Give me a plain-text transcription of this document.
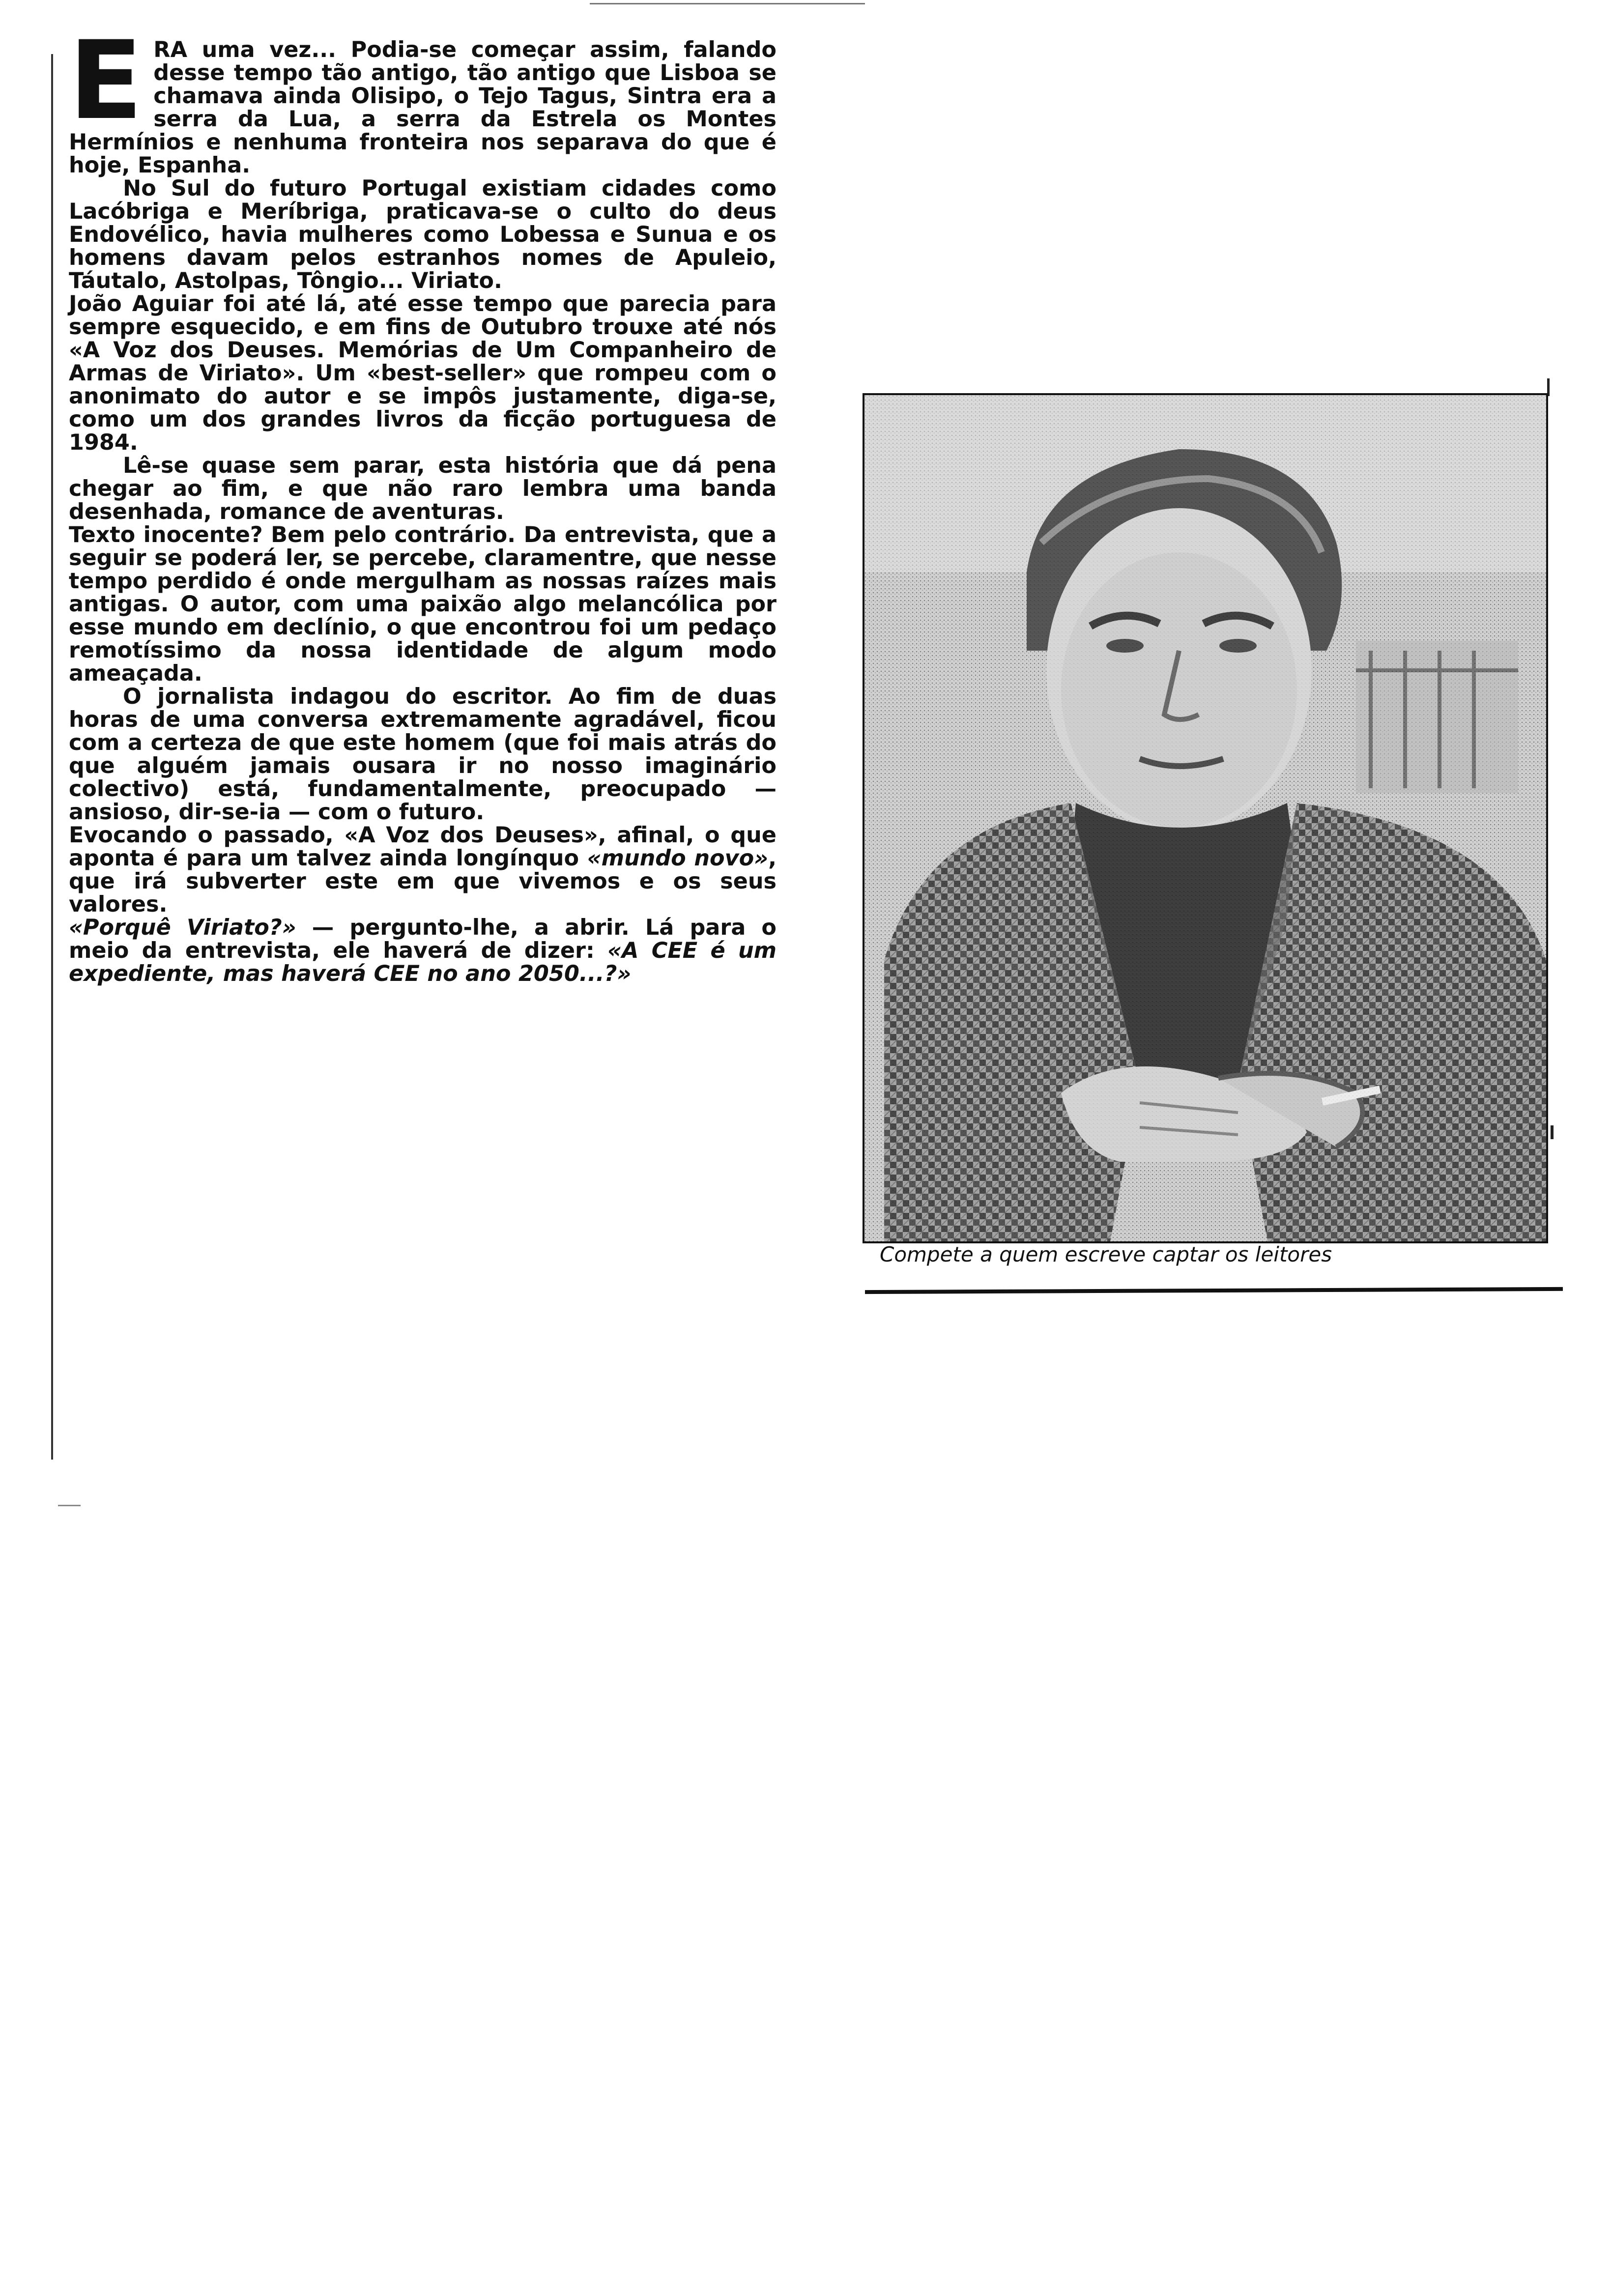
ERA uma vez... Podia-se começar assim, falando desse tempo tão antigo, tão antigo que Lisboa se chamava ainda Olisipo, o Tejo Tagus, Sintra era a serra da Lua, a serra da Estrela os Montes Hermínios e nenhuma fronteira nos separava do que é hoje, Espanha.

No Sul do futuro Portugal existiam cidades como Lacóbriga e Meríbriga, praticava-se o culto do deus Endovélico, havia mulheres como Lobessa e Sunua e os homens davam pelos estranhos nomes de Apuleio, Táutalo, Astolpas, Tôngio... Viriato.

João Aguiar foi até lá, até esse tempo que parecia para sempre esquecido, e em fins de Outubro trouxe até nós «A Voz dos Deuses. Memórias de Um Companheiro de Armas de Viriato». Um «best-seller» que rompeu com o anonimato do autor e se impôs justamente, diga-se, como um dos grandes livros da ficção portuguesa de 1984.

Lê-se quase sem parar, esta história que dá pena chegar ao fim, e que não raro lembra uma banda desenhada, romance de aventuras.

Texto inocente? Bem pelo contrário. Da entrevista, que a seguir se poderá ler, se percebe, claramentre, que nesse tempo perdido é onde mergulham as nossas raízes mais antigas. O autor, com uma paixão algo melancólica por esse mundo em declínio, o que encontrou foi um pedaço remotíssimo da nossa identidade de algum modo ameaçada.

O jornalista indagou do escritor. Ao fim de duas horas de uma conversa extremamente agradável, ficou com a certeza de que este homem (que foi mais atrás do que alguém jamais ousara ir no nosso imaginário colectivo) está, fundamentalmente, preocupado — ansioso, dir-se-ia — com o futuro.

Evocando o passado, «A Voz dos Deuses», afinal, o que aponta é para um talvez ainda longínquo «mundo novo», que irá subverter este em que vivemos e os seus valores.

«Porquê Viriato?» — pergunto-lhe, a abrir. Lá para o meio da entrevista, ele haverá de dizer: «A CEE é um expediente, mas haverá CEE no ano 2050...?»

Compete a quem escreve captar os leitores
